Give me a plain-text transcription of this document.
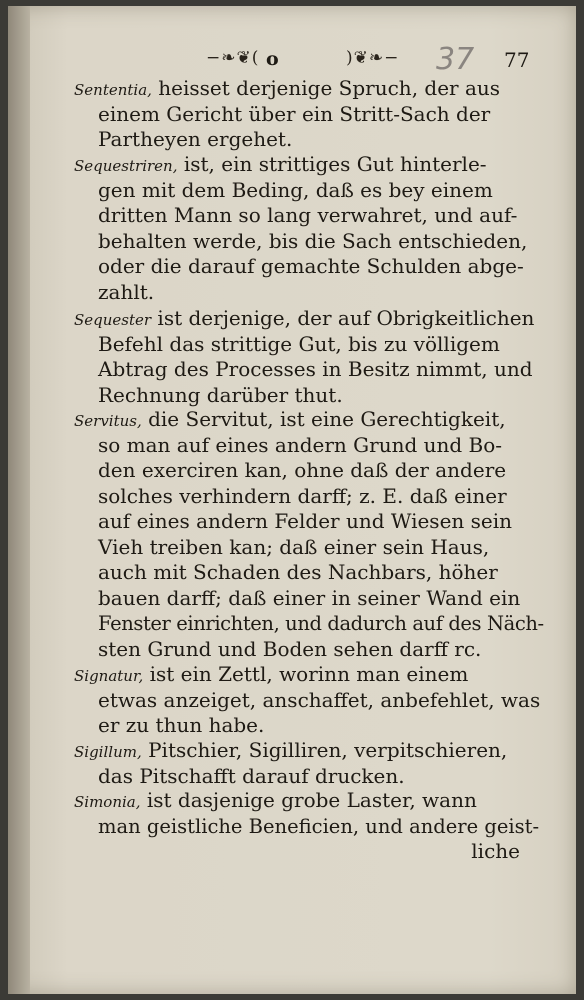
−❧❦( o	)❦❧− 37 77
Sententia, heisset derjenige Spruch, der aus
einem Gericht über ein Stritt-Sach der
Partheyen ergehet.
Sequestriren, ist, ein strittiges Gut hinterle-
gen mit dem Beding, daß es bey einem
dritten Mann so lang verwahret, und auf-
behalten werde, bis die Sach entschieden,
oder die darauf gemachte Schulden abge-
zahlt.
Sequester ist derjenige, der auf Obrigkeitlichen
Befehl das strittige Gut, bis zu völligem
Abtrag des Processes in Besitz nimmt, und
Rechnung darüber thut.
Servitus, die Servitut, ist eine Gerechtigkeit,
so man auf eines andern Grund und Bo-
den exerciren kan, ohne daß der andere
solches verhindern darff; z. E. daß einer
auf eines andern Felder und Wiesen sein
Vieh treiben kan; daß einer sein Haus,
auch mit Schaden des Nachbars, höher
bauen darff; daß einer in seiner Wand ein
Fenster einrichten, und dadurch auf des Näch-
sten Grund und Boden sehen darff rc.
Signatur, ist ein Zettl, worinn man einem
etwas anzeiget, anschaffet, anbefehlet, was
er zu thun habe.
Sigillum, Pitschier, Sigilliren, verpitschieren,
das Pitschafft darauf drucken.
Simonia, ist dasjenige grobe Laster, wann
man geistliche Beneficien, und andere geist-
liche
